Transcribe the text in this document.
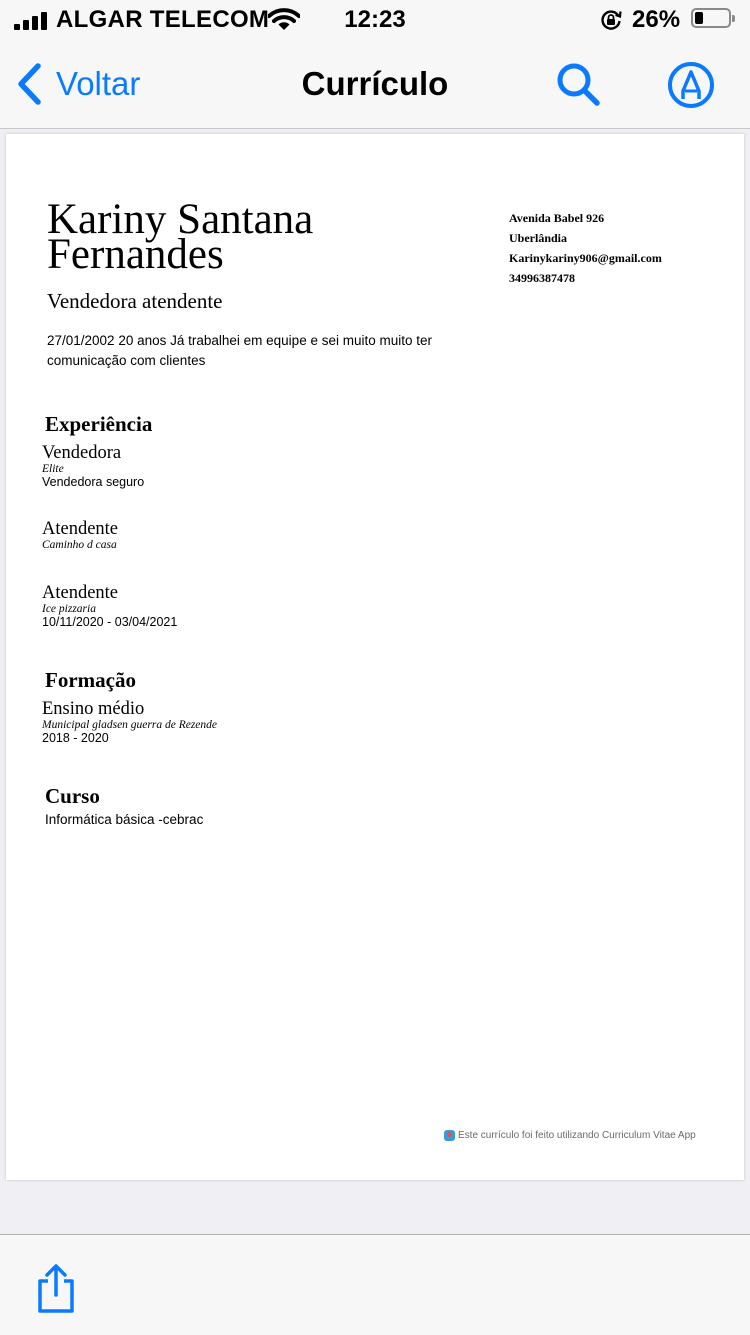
ALGAR TELECOM	12:23	26%
Voltar	Currículo
Kariny Santana Fernandes
Vendedora atendente
27/01/2002 20 anos Já trabalhei em equipe e sei muito muito ter comunicação com clientes
Avenida Babel 926
Uberlândia
Karinykariny906@gmail.com
34996387478
Experiência
Vendedora
Elite
Vendedora seguro
Atendente
Caminho d casa
Atendente
Ice pizzaria
10/11/2020 - 03/04/2021
Formação
Ensino médio
Municipal gladsen guerra de Rezende
2018 - 2020
Curso
Informática básica -cebrac
Este currículo foi feito utilizando Curriculum Vitae App
